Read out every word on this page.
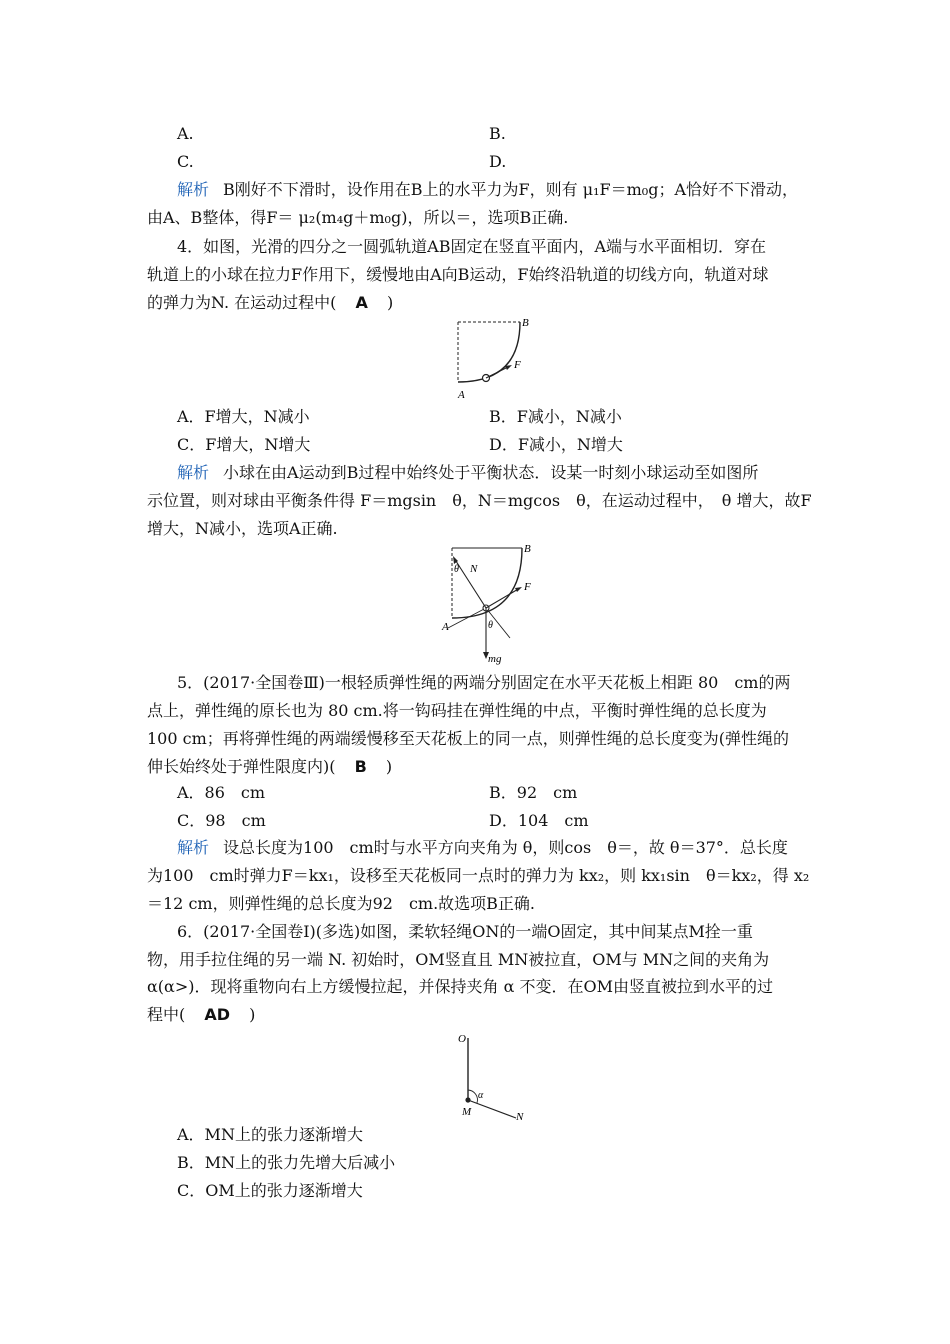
A.	B.
C.	D.
解析 B刚好不下滑时，设作用在B上的水平力为F，则有 μ₁F＝m₀g；A恰好不下滑动，
由A、B整体，得F＝ μ₂(m₄g＋m₀g)，所以＝，选项B正确.
4．如图，光滑的四分之一圆弧轨道AB固定在竖直平面内，A端与水平面相切．穿在
轨道上的小球在拉力F作用下，缓慢地由A向B运动，F始终沿轨道的切线方向，轨道对球
的弹力为N. 在运动过程中( A )
A
B
F
A．F增大，N减小	B．F减小，N减小
C．F增大，N增大	D．F减小，N增大
解析 小球在由A运动到B过程中始终处于平衡状态．设某一时刻小球运动至如图所
示位置，则对球由平衡条件得 F＝mgsin　θ，N＝mgcos　θ，在运动过程中，　θ 增大，故F
增大，N减小，选项A正确.
B
A
N
F
θ
θ
mg
5．(2017·全国卷Ⅲ)一根轻质弹性绳的两端分别固定在水平天花板上相距 80　cm的两
点上，弹性绳的原长也为 80 cm.将一钩码挂在弹性绳的中点，平衡时弹性绳的总长度为
100 cm；再将弹性绳的两端缓慢移至天花板上的同一点，则弹性绳的总长度变为(弹性绳的
伸长始终处于弹性限度内)( B )
A．86　cm	B．92　cm
C．98　cm	D．104　cm
解析 设总长度为100　cm时与水平方向夹角为 θ，则cos　θ＝，故 θ＝37°．总长度
为100　cm时弹力F＝kx₁，设移至天花板同一点时的弹力为 kx₂，则 kx₁sin　θ＝kx₂，得 x₂
＝12 cm，则弹性绳的总长度为92　cm.故选项B正确.
6．(2017·全国卷Ⅰ)(多选)如图，柔软轻绳ON的一端O固定，其中间某点M拴一重
物，用手拉住绳的另一端 N. 初始时，OM竖直且 MN被拉直，OM与 MN之间的夹角为
α(α>)．现将重物向右上方缓慢拉起，并保持夹角 α 不变．在OM由竖直被拉到水平的过
程中( AD )
O
M	N
α
A．MN上的张力逐渐增大
B．MN上的张力先增大后减小
C．OM上的张力逐渐增大
